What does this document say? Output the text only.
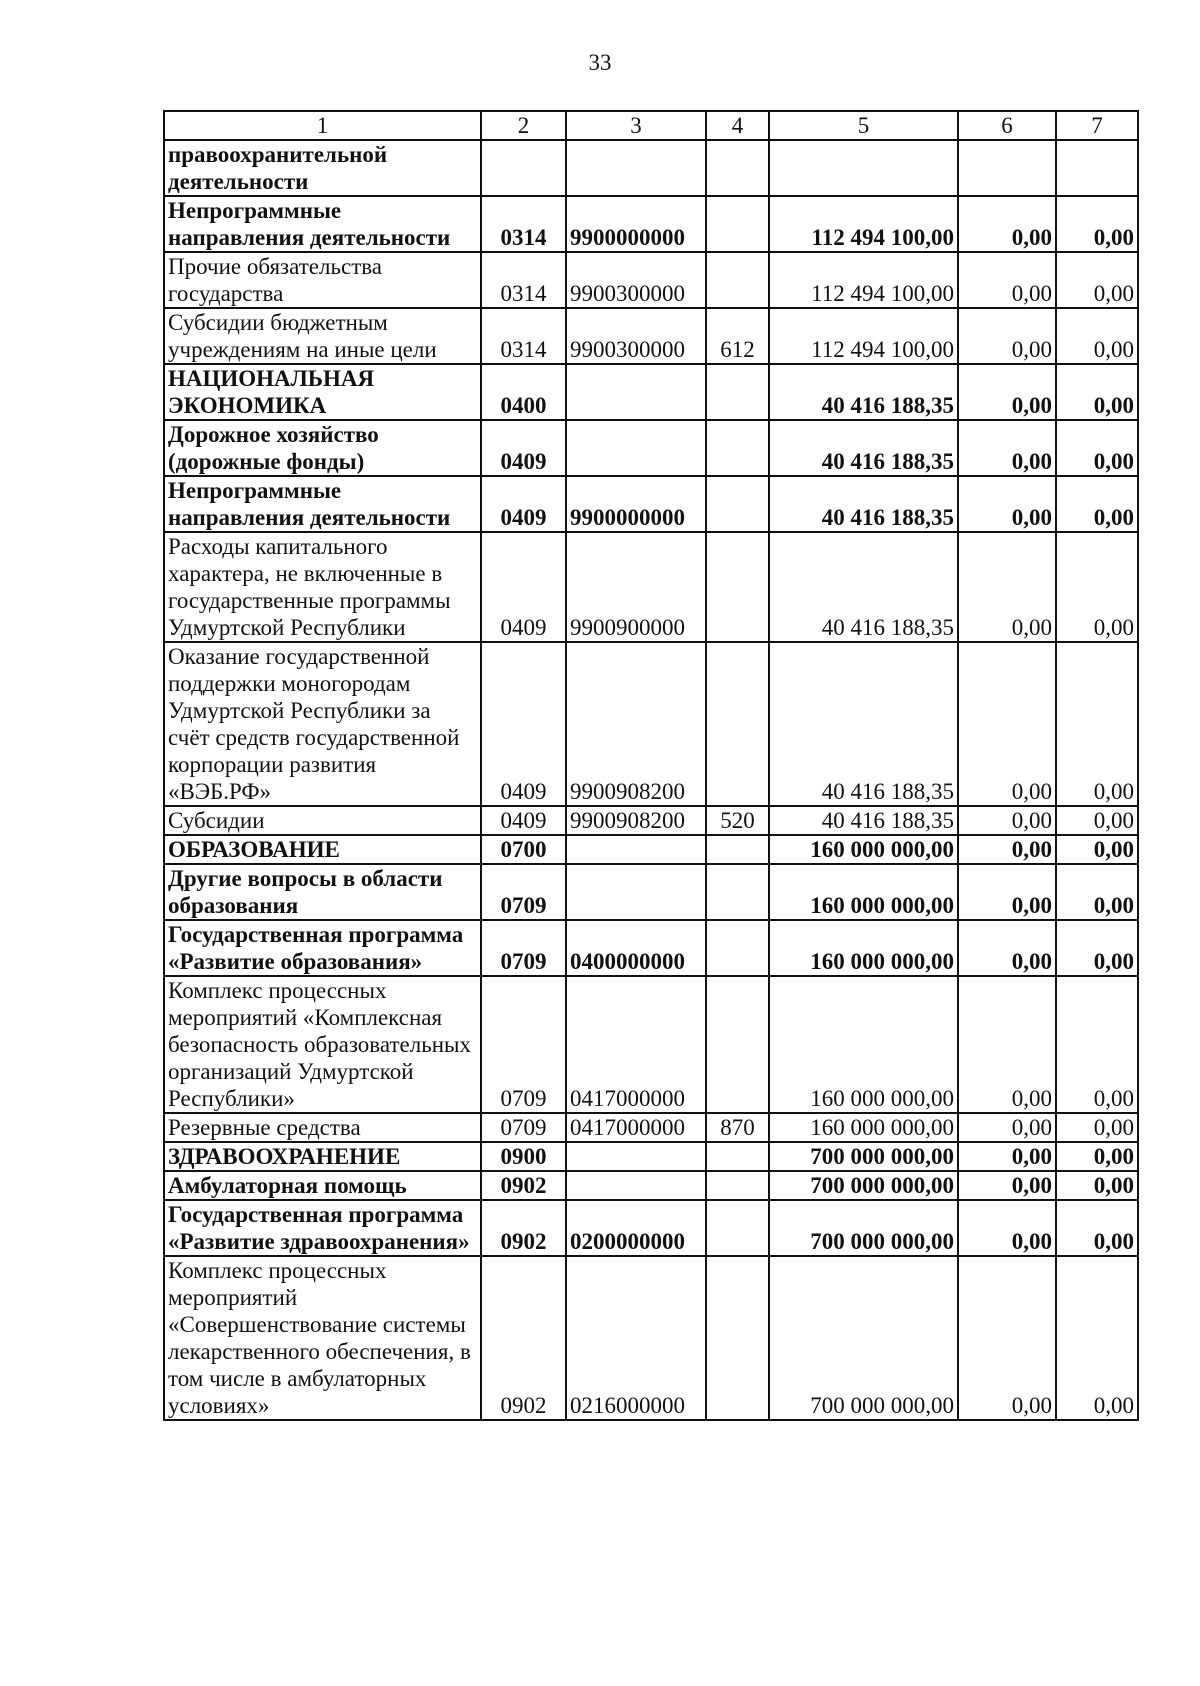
33
1	2	3	4	5	6	7
правоохранительной деятельности						
Непрограммные направления деятельности	0314	9900000000		112 494 100,00	0,00	0,00
Прочие обязательства государства	0314	9900300000		112 494 100,00	0,00	0,00
Субсидии бюджетным учреждениям на иные цели	0314	9900300000	612	112 494 100,00	0,00	0,00
НАЦИОНАЛЬНАЯ ЭКОНОМИКА	0400			40 416 188,35	0,00	0,00
Дорожное хозяйство (дорожные фонды)	0409			40 416 188,35	0,00	0,00
Непрограммные направления деятельности	0409	9900000000		40 416 188,35	0,00	0,00
Расходы капитального характера, не включенные в государственные программы Удмуртской Республики	0409	9900900000		40 416 188,35	0,00	0,00
Оказание государственной поддержки моногородам Удмуртской Республики за счёт средств государственной корпорации развития «ВЭБ.РФ»	0409	9900908200		40 416 188,35	0,00	0,00
Субсидии	0409	9900908200	520	40 416 188,35	0,00	0,00
ОБРАЗОВАНИЕ	0700			160 000 000,00	0,00	0,00
Другие вопросы в области образования	0709			160 000 000,00	0,00	0,00
Государственная программа «Развитие образования»	0709	0400000000		160 000 000,00	0,00	0,00
Комплекс процессных мероприятий «Комплексная безопасность образовательных организаций Удмуртской Республики»	0709	0417000000		160 000 000,00	0,00	0,00
Резервные средства	0709	0417000000	870	160 000 000,00	0,00	0,00
ЗДРАВООХРАНЕНИЕ	0900			700 000 000,00	0,00	0,00
Амбулаторная помощь	0902			700 000 000,00	0,00	0,00
Государственная программа «Развитие здравоохранения»	0902	0200000000		700 000 000,00	0,00	0,00
Комплекс процессных мероприятий «Совершенствование системы лекарственного обеспечения, в том числе в амбулаторных условиях»	0902	0216000000		700 000 000,00	0,00	0,00
